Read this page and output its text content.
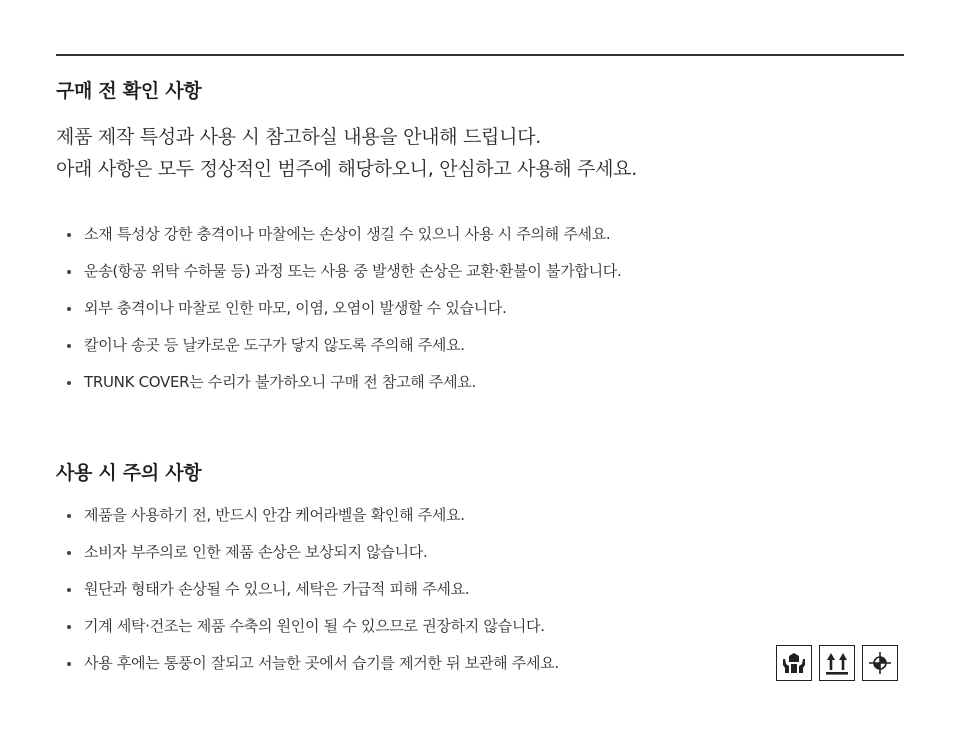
구매 전 확인 사항
제품 제작 특성과 사용 시 참고하실 내용을 안내해 드립니다.
아래 사항은 모두 정상적인 범주에 해당하오니, 안심하고 사용해 주세요.
소재 특성상 강한 충격이나 마찰에는 손상이 생길 수 있으니 사용 시 주의해 주세요.
운송(항공 위탁 수하물 등) 과정 또는 사용 중 발생한 손상은 교환·환불이 불가합니다.
외부 충격이나 마찰로 인한 마모, 이염, 오염이 발생할 수 있습니다.
칼이나 송곳 등 날카로운 도구가 닿지 않도록 주의해 주세요.
TRUNK COVER는 수리가 불가하오니 구매 전 참고해 주세요.
사용 시 주의 사항
제품을 사용하기 전, 반드시 안감 케어라벨을 확인해 주세요.
소비자 부주의로 인한 제품 손상은 보상되지 않습니다.
원단과 형태가 손상될 수 있으니, 세탁은 가급적 피해 주세요.
기계 세탁·건조는 제품 수축의 원인이 될 수 있으므로 권장하지 않습니다.
사용 후에는 통풍이 잘되고 서늘한 곳에서 습기를 제거한 뒤 보관해 주세요.
